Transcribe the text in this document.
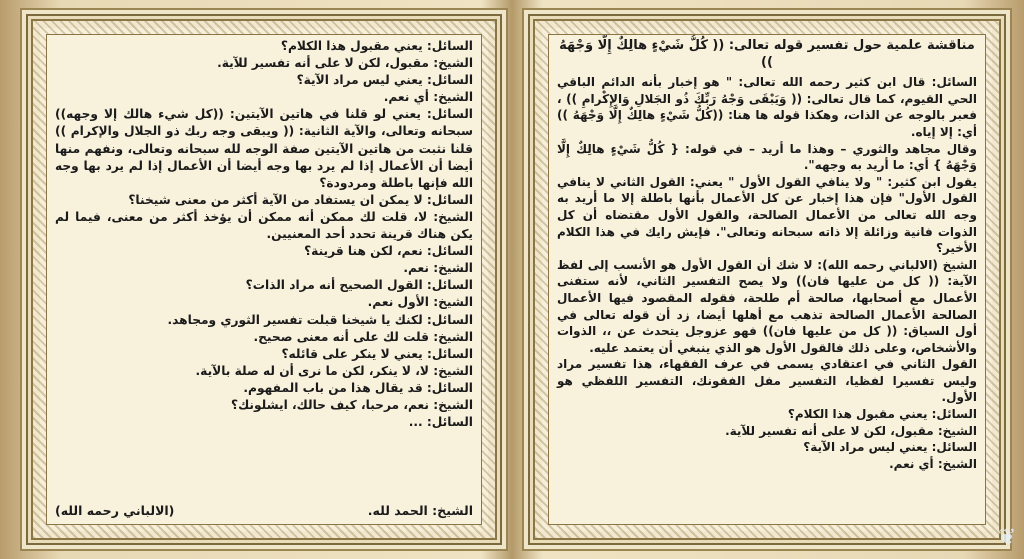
السائل: يعني مقبول هذا الكلام؟
الشيخ: مقبول، لكن لا على أنه تفسير للآية.
السائل: يعني ليس مراد الآية؟
الشيخ: أي نعم.
السائل: يعني لو قلنا في هاتين الآيتين: ((كل شيء هالك إلا وجهه)) سبحانه وتعالى، والآية الثانية: (( ويبقى وجه ربك ذو الجلال والإكرام )) قلنا نثبت من هاتين الآيتين صفة الوجه لله سبحانه وتعالى، ونفهم منها أيضا أن الأعمال إذا لم يرد بها وجه أيضا أن الأعمال إذا لم يرد بها وجه الله فإنها باطلة ومردودة؟
السائل: لا يمكن ان يستفاد من الآية أكثر من معنى شيخنا؟
الشيخ: لا، قلت لك ممكن أنه ممكن أن يؤخذ أكثر من معنى، فيما لم يكن هناك قرينة تحدد أحد المعنيين.
السائل: نعم، لكن هنا قرينة؟
الشيخ: نعم.
السائل: القول الصحيح أنه مراد الذات؟
الشيخ: الأول نعم.
السائل: لكنك يا شيخنا قبلت تفسير الثوري ومجاهد.
الشيخ: قلت لك على أنه معنى صحيح.
السائل: يعني لا ينكر على قائله؟
الشيخ: لا، لا ينكر، لكن ما نرى أن له صلة بالآية.
السائل: قد يقال هذا من باب المفهوم.
الشيخ: نعم، مرحبا، كيف حالك، ايشلونك؟
السائل: ...
الشيخ: الحمد لله.
(الالباني رحمه الله)
مناقشة علمية حول تفسير قوله تعالى: (( كُلُّ شَيْءٍ هالِكٌ إِلَّا وَجْهَهُ ))
السائل: قال ابن كثير رحمه الله تعالى: " هو إخبار بأنه الدائم الباقي الحي القيوم، كما قال تعالى: (( وَيَبْقَى وَجْهُ رَبِّكَ ذُو الجَلالِ وَالإِكْرامِ )) ، فعبر بالوجه عن الذات، وهكذا قوله ها هنا: ((كُلُّ شَيْءٍ هالِكٌ إِلَّا وَجْهَهُ )) أي: إلا إياه.
وقال مجاهد والثوري – وهذا ما أريد – في قوله: { كُلُّ شَيْءٍ هالِكٌ إِلَّا وَجْهَهُ } أي: ما أريد به وجهه".
يقول ابن كثير: " ولا ينافي القول الأول " يعني: القول الثاني لا ينافي القول الأول" فإن هذا إخبار عن كل الأعمال بأنها باطلة إلا ما أريد به وجه الله تعالى من الأعمال الصالحة، والقول الأول مقتضاه أن كل الذوات فانية وزائلة إلا ذاته سبحانه وتعالى". فإيش رايك في هذا الكلام الأخير؟
الشيخ (الالباني رحمه الله): لا شك أن القول الأول هو الأنسب إلى لفظ الآية: (( كل من عليها فان)) ولا يصح التفسير الثاني، لأنه ستفنى الأعمال مع أصحابها، صالحة أم طلحة، فقوله المقصود فيها الأعمال الصالحة الأعمال الصالحة تذهب مع أهلها أيضا، زد أن قوله تعالى في أول السياق: (( كل من عليها فان)) فهو عزوجل يتحدث عن ،، الذوات والأشخاص، وعلى ذلك فالقول الأول هو الذي ينبغي أن يعتمد عليه.
القول الثاني في اعتقادي يسمى في عرف الفقهاء، هذا تفسير مراد وليس تفسيرا لفظيا، التفسير مفل الفقونك، التفسير اللفظي هو الأول.
السائل: يعني مقبول هذا الكلام؟
الشيخ: مقبول، لكن لا على أنه تفسير للآية.
السائل: يعني ليس مراد الآية؟
الشيخ: أي نعم.
❦
